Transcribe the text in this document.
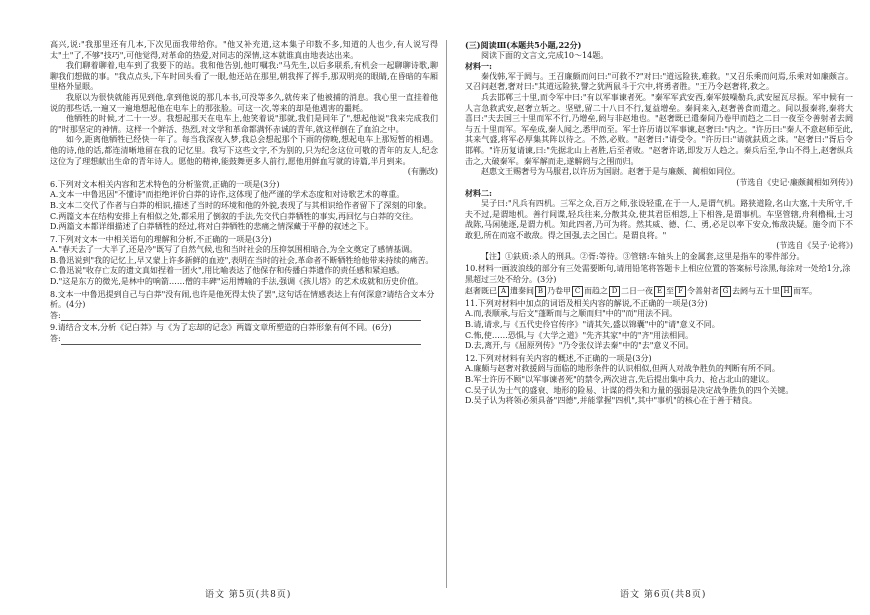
高兴,说:"我那里还有几本,下次见面我带给你。"他又补充道,这本集子印数不多,知道的人也少,有人说写得太"土"了,不够"技巧",可他觉得,对革命的热爱,对同志的深情,这本就谁真由地表达出来。

我们聊着聊着,电车到了我要下的站。我和他告别,他叮嘱我:"马先生,以后多联系,有机会一起聊聊诗歌,聊聊我们想做的事。"我点点头,下车时回头看了一眼,他还站在那里,朝我挥了挥手,那双明亮的眼睛,在昏暗的车厢里格外显眼。

我原以为很快就能再见到他,拿到他说的那几本书,可没等多久,就传来了他被捕的消息。我心里一直挂着他说的那些话,一遍又一遍地想起他在电车上的那张脸。可这一次,等来的却是他遇害的噩耗。

他牺牲的时候,才二十一岁。我想起那天在电车上,他笑着说"那就,我们是同年了",想起他说"我来完成我们的"时那坚定的神情。这样一个鲜活、热烈,对文学和革命都满怀赤诚的青年,就这样倒在了血泊之中。

如今,距离他牺牲已经快一年了。每当我深夜入梦,我总会想起那个下雨的傍晚,想起电车上那短暂的相遇。他的诗,他的话,都连清晰地留在我的记忆里。我写下这些文字,不为别的,只为纪念这位可敬的青年的友人,纪念这位为了理想献出生命的青年诗人。愿他的精神,能鼓舞更多人前行,愿他用鲜血写就的诗篇,半月到来。

(有删改)

6.下列对文本相关内容和艺术特色的分析鉴赏,正确的一项是(3分)

A.文本一中鲁迅因"不懂诗"而拒绝评价白莽的诗作,这体现了他严谨的学术态度和对诗歌艺术的尊重。

B.文本二交代了作者与白莽的相识,描述了当时的环境和他的外貌,表现了与其相识给作者留下了深刻的印象。

C.两篇文本在结构安排上有相似之处,都采用了倒叙的手法,先交代白莽牺牲的事实,再回忆与白莽的交往。

D.两篇文本都详细描述了白莽牺牲的经过,将对白莽牺牲的悲痛之情深藏于平静的叙述之下。

7.下列对文本一中相关语句的理解和分析,不正确的一项是(3分)

A."春天去了一大半了,还是冷"既写了自然气候,也和当时社会的压抑氛围相暗合,为全文奠定了感情基调。

B.鲁迅说到"我的记忆上,早又蒙上许多新鲜的血迹",表明在当时的社会,革命者不断牺牲给他带来持续的痛苦。

C.鲁迅说"收存亡友的遗文真如捏着一团火",用比喻表达了他保存和传播白莽遗作的责任感和紧迫感。

D."这是东方的微光,是林中的响箭……僧的丰碑"运用博喻的手法,强调《孩儿塔》的艺术成就和历史价值。

8.文本一中鲁迅提到自己与白莽"没有闹,也许是他死得太快了罢",这句话在情感表达上有何深意?请结合文本分析。(4分)

答:

9.请结合文本,分析《记白莽》与《为了忘却的记念》两篇文章所塑造的白莽形象有何不同。(6分)

答:

语文 第5页(共8页)

(三)阅读Ⅲ(本题共5小题,22分)

阅读下面的文言文,完成10～14题。

材料一:

秦伐韩,军于阏与。王召廉颇而问曰:"可救不?"对曰:"道远险狭,难救。"又召乐乘而问焉,乐乘对如廉颇言。又召问赵奢,奢对曰:"其道远险狭,譬之犹两鼠斗于穴中,将勇者胜。"王乃令赵奢将,救之。

兵去邯郸三十里,而令军中曰:"有以军事谏者死。"秦军军武安西,秦军鼓噪勒兵,武安屋瓦尽振。军中候有一人言急救武安,赵奢立斩之。坚壁,留二十八日不行,复益增垒。秦间来入,赵奢善食而遣之。间以报秦将,秦将大喜曰:"夫去国三十里而军不行,乃增垒,阏与非赵地也。"赵奢既已遣秦间乃卷甲而趋之二日一夜至令善射者去阏与五十里而军。军垒成,秦人闻之,悉甲而至。军士许历请以军事谏,赵奢曰:"内之。"许历曰:"秦人不意赵师至此,其来气盛,将军必厚集其阵以待之。不然,必败。"赵奢曰:"请受令。"许历曰:"请就鈇质之诛。"赵奢曰:"胥后令邯郸。"许历复请谏,曰:"先据北山上者胜,后至者败。"赵奢许诺,即发万人趋之。秦兵后至,争山不得上,赵奢纵兵击之,大破秦军。秦军解而走,遂解阏与之围而归。

赵惠文王赐奢号为马服君,以许历为国尉。赵奢于是与廉颇、蔺相如同位。

(节选自《史记·廉颇蔺相如列传》)

材料二:

吴子曰:"凡兵有四机。三军之众,百万之师,张设轻重,在于一人,是谓气机。路狭道险,名山大塞,十夫所守,千夫不过,是谓地机。善行间谍,轻兵往来,分散其众,使其君臣相怨,上下相咎,是谓事机。车坚管辖,舟利橹楫,士习战陈,马闲驰逐,是谓力机。知此四者,乃可为将。然其威、德、仁、勇,必足以率下安众,怖敌决疑。施令而下不敢犯,所在而寇不敢敌。得之国强,去之国亡。是谓良将。"

(节选自《吴子·论将》)

【注】①鈇质:杀人的刑具。②胥:等待。③管辖:车轴头上的金属套,这里是指车的零件部分。

10.材料一画波浪线的部分有三处需要断句,请用铅笔将答题卡上相应位置的答案标号涂黑,每涂对一处给1分,涂黑超过三处不给分。(3分)

赵奢既已 A 遣秦间 B 乃卷甲 C 而趋之 D 二日一夜 E 至 F 令善射者 G 去阏与五十里 H 而军。

11.下列对材料中加点的词语及相关内容的解说,不正确的一项是(3分)

A.而,表顺承,与后文"蓬断而与之顺而归"中的"而"用法不同。

B.请,请求,与《五代史伶官传序》"请其矢,盛以锦囊"中的"请"意义不同。

C.怖,使……恐惧,与《大学之道》"先齐其家"中的"齐"用法相同。

D.去,离开,与《屈原列传》"乃令张仪详去秦"中的"去"意义不同。

12.下列对材料有关内容的概述,不正确的一项是(3分)

A.廉颇与赵奢对救援阏与面临的地形条件的认识相似,但两人对战争胜负的判断有所不同。

B.军士许历不顾"以军事谏者死"的禁令,两次进言,先后提出集中兵力、抢占北山的建议。

C.吴子认为士气的盛衰、地形的险易、计谋的得失和力量的强弱是决定战争胜负的四个关键。

D.吴子认为将领必须具备"四德",并能掌握"四机",其中"事机"的核心在于善于精良。

语文 第6页(共8页)
